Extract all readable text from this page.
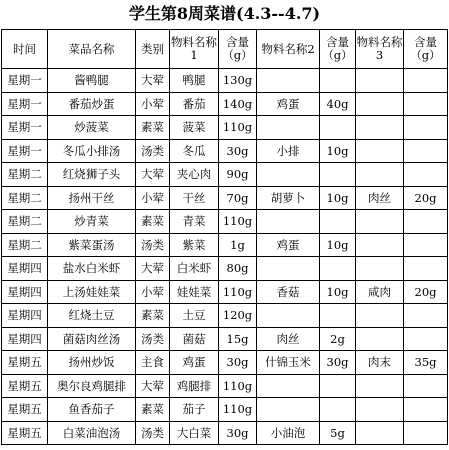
学生第8周菜谱(4.3--4.7)
时间	菜品名称	类别	物料名称1	含量（g）	物料名称2	含量（g）	物料名称3	含量（g）
星期一	酱鸭腿	大荤	鸭腿	130g				
星期一	番茄炒蛋	小荤	番茄	140g	鸡蛋	40g		
星期一	炒菠菜	素菜	菠菜	110g				
星期一	冬瓜小排汤	汤类	冬瓜	30g	小排	10g		
星期二	红烧狮子头	大荤	夹心肉	90g				
星期二	扬州干丝	小荤	干丝	70g	胡萝卜	10g	肉丝	20g
星期二	炒青菜	素菜	青菜	110g				
星期二	紫菜蛋汤	汤类	紫菜	1g	鸡蛋	10g		
星期四	盐水白米虾	大荤	白米虾	80g				
星期四	上汤娃娃菜	小荤	娃娃菜	110g	香菇	10g	咸肉	20g
星期四	红烧土豆	素菜	土豆	120g				
星期四	菌菇肉丝汤	汤类	菌菇	15g	肉丝	2g		
星期五	扬州炒饭	主食	鸡蛋	30g	什锦玉米	30g	肉末	35g
星期五	奥尔良鸡腿排	大荤	鸡腿排	110g				
星期五	鱼香茄子	素菜	茄子	110g				
星期五	白菜油泡汤	汤类	大白菜	30g	小油泡	5g		
